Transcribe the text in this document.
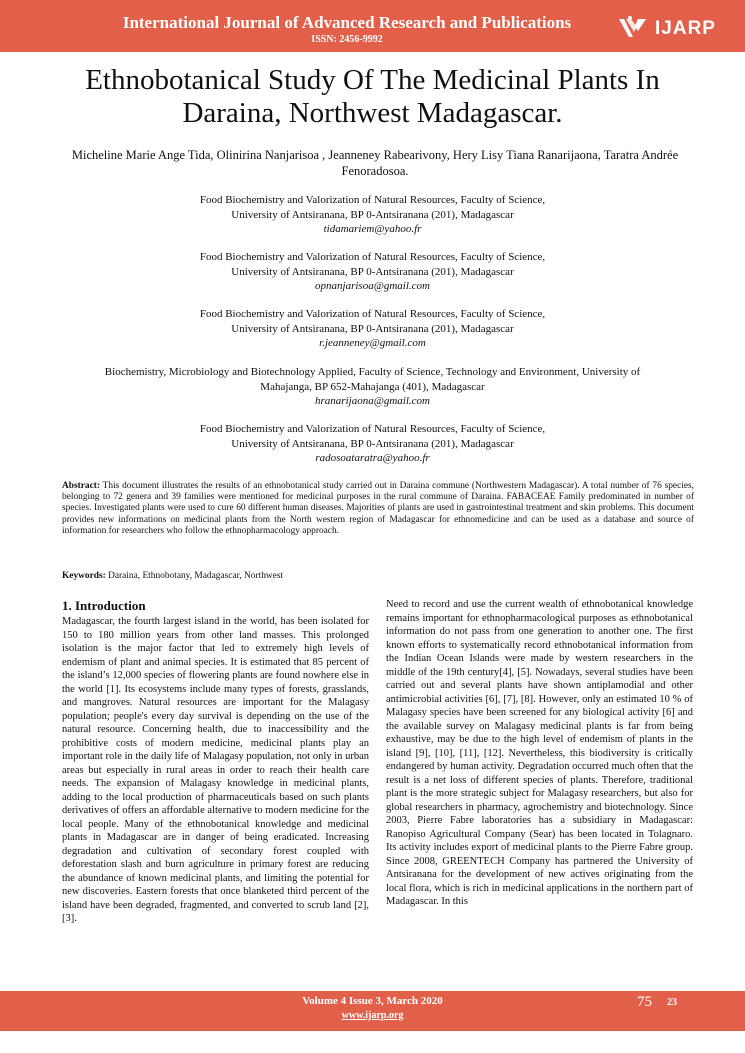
International Journal of Advanced Research and Publications
ISSN: 2456-9992
IJARP
Ethnobotanical Study Of The Medicinal Plants In Daraina, Northwest Madagascar.
Micheline Marie Ange Tida, Olinirina Nanjarisoa , Jeanneney Rabearivony, Hery Lisy Tiana Ranarijaona, Taratra Andrée Fenoradosoa.
Food Biochemistry and Valorization of Natural Resources, Faculty of Science,
University of Antsiranana, BP 0-Antsiranana (201), Madagascar
tidamariem@yahoo.fr
Food Biochemistry and Valorization of Natural Resources, Faculty of Science,
University of Antsiranana, BP 0-Antsiranana (201), Madagascar
opnanjarisoa@gmail.com
Food Biochemistry and Valorization of Natural Resources, Faculty of Science,
University of Antsiranana, BP 0-Antsiranana (201), Madagascar
r.jeanneney@gmail.com
Biochemistry, Microbiology and Biotechnology Applied, Faculty of Science, Technology and Environment, University of
Mahajanga, BP 652-Mahajanga (401), Madagascar
hranarijaona@gmail.com
Food Biochemistry and Valorization of Natural Resources, Faculty of Science,
University of Antsiranana, BP 0-Antsiranana (201), Madagascar
radosoataratra@yahoo.fr
Abstract: This document illustrates the results of an ethnobotanical study carried out in Daraina commune (Northwestern Madagascar). A total number of 76 species, belonging to 72 genera and 39 families were mentioned for medicinal purposes in the rural commune of Daraina. FABACEAE Family predominated in number of species. Investigated plants were used to cure 60 different human diseases. Majorities of plants are used in gastrointestinal treatment and skin problems. This document provides new informations on medicinal plants from the North western region of Madagascar for ethnomedicine and can be used as a database and source of information for researchers who follow the ethnopharmacology approach.
Keywords: Daraina, Ethnobotany, Madagascar, Northwest
1. Introduction
Madagascar, the fourth largest island in the world, has been isolated for 150 to 180 million years from other land masses. This prolonged isolation is the major factor that led to extremely high levels of endemism of plant and animal species. It is estimated that 85 percent of the island’s 12,000 species of flowering plants are found nowhere else in the world [1]. Its ecosystems include many types of forests, grasslands, and mangroves. Natural resources are important for the Malagasy population; people's every day survival is depending on the use of the natural resource. Concerning health, due to inaccessibility and the prohibitive costs of modern medicine, medicinal plants play an important role in the daily life of Malagasy population, not only in urban areas but especially in rural areas in order to reach their health care needs. The expansion of Malagasy knowledge in medicinal plants, adding to the local production of pharmaceuticals based on such plants derivatives of offers an affordable alternative to modern medicine for the local people. Many of the ethnobotanical knowledge and medicinal plants in Madagascar are in danger of being eradicated. Increasing degradation and cultivation of secondary forest coupled with deforestation slash and burn agriculture in primary forest are reducing the abundance of known medicinal plants, and limiting the potential for new discoveries. Eastern forests that once blanketed third percent of the island have been degraded, fragmented, and converted to scrub land [2], [3].
Need to record and use the current wealth of ethnobotanical knowledge remains important for ethnopharmacological purposes as ethnobotanical information do not pass from one generation to another one. The first known efforts to systematically record ethnobotanical information from the Indian Ocean Islands were made by western researchers in the middle of the 19th century[4], [5]. Nowadays, several studies have been carried out and several plants have shown antiplamodial and other antimicrobial activities [6], [7], [8]. However, only an estimated 10 % of Malagasy species have been screened for any biological activity [6] and the available survey on Malagasy medicinal plants is far from being exhaustive, may be due to the high level of endemism of plants in the island [9], [10], [11], [12]. Nevertheless, this biodiversity is critically endangered by human activity. Degradation occurred much often that the result is a net loss of different species of plants. Therefore, traditional plant is the more strategic subject for Malagasy researchers, but also for global researchers in pharmacy, agrochemistry and biotechnology. Since 2003, Pierre Fabre laboratories has a subsidiary in Madagascar: Ranopiso Agricultural Company (Sear) has been located in Tolagnaro. Its activity includes export of medicinal plants to the Pierre Fabre group. Since 2008, GREENTECH Company has partnered the University of Antsiranana for the development of new actives originating from the local flora, which is rich in medicinal applications in the northern part of Madagascar. In this
Volume 4 Issue 3, March 2020
www.ijarp.org
75 23
